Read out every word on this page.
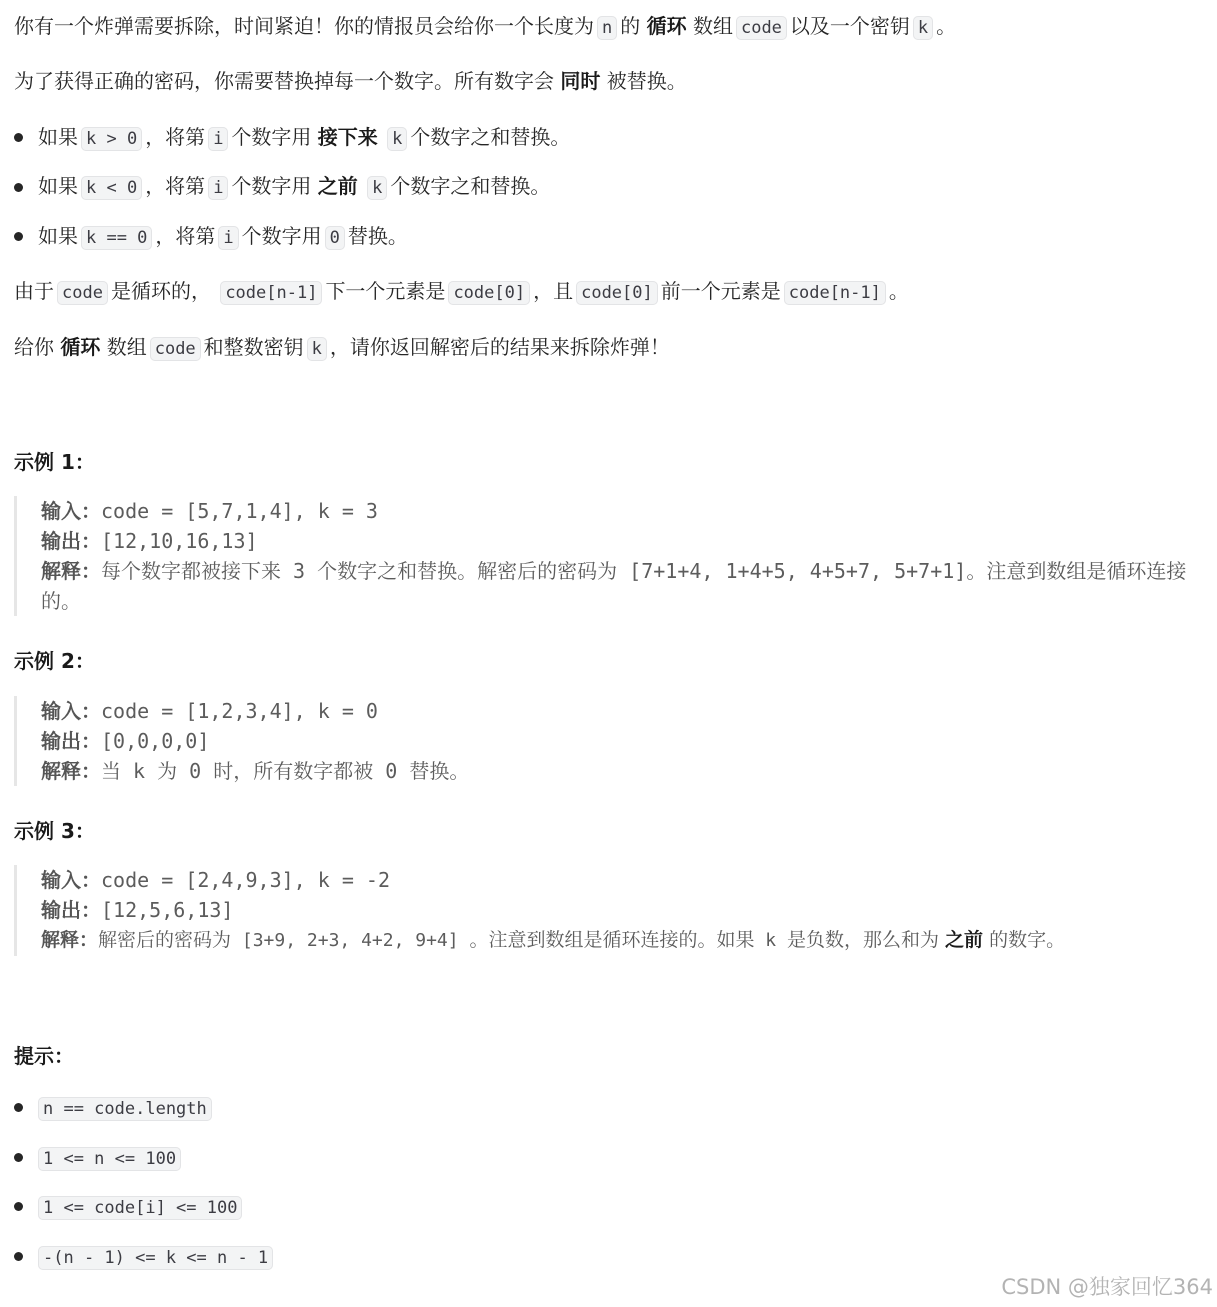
你有一个炸弹需要拆除，时间紧迫！你的情报员会给你一个长度为 n 的 循环 数组 code 以及一个密钥 k 。
为了获得正确的密码，你需要替换掉每一个数字。所有数字会 同时 被替换。
如果 k > 0 ，将第 i 个数字用 接下来 k 个数字之和替换。
如果 k < 0 ，将第 i 个数字用 之前 k 个数字之和替换。
如果 k == 0 ，将第 i 个数字用 0 替换。
由于 code 是循环的， code[n-1] 下一个元素是 code[0] ，且 code[0] 前一个元素是 code[n-1] 。
给你 循环 数组 code 和整数密钥 k ，请你返回解密后的结果来拆除炸弹！
示例 1：
输入：code = [5,7,1,4], k = 3
输出：[12,10,16,13]
解释：每个数字都被接下来 3 个数字之和替换。解密后的密码为 [7+1+4, 1+4+5, 4+5+7, 5+7+1]。注意到数组是循环连接的。
示例 2：
输入：code = [1,2,3,4], k = 0
输出：[0,0,0,0]
解释：当 k 为 0 时，所有数字都被 0 替换。
示例 3：
输入：code = [2,4,9,3], k = -2
输出：[12,5,6,13]
解释：解密后的密码为 [3+9, 2+3, 4+2, 9+4] 。注意到数组是循环连接的。如果 k 是负数，那么和为 之前 的数字。
提示：
n == code.length
1 <= n <= 100
1 <= code[i] <= 100
-(n - 1) <= k <= n - 1
CSDN @独家回忆364
